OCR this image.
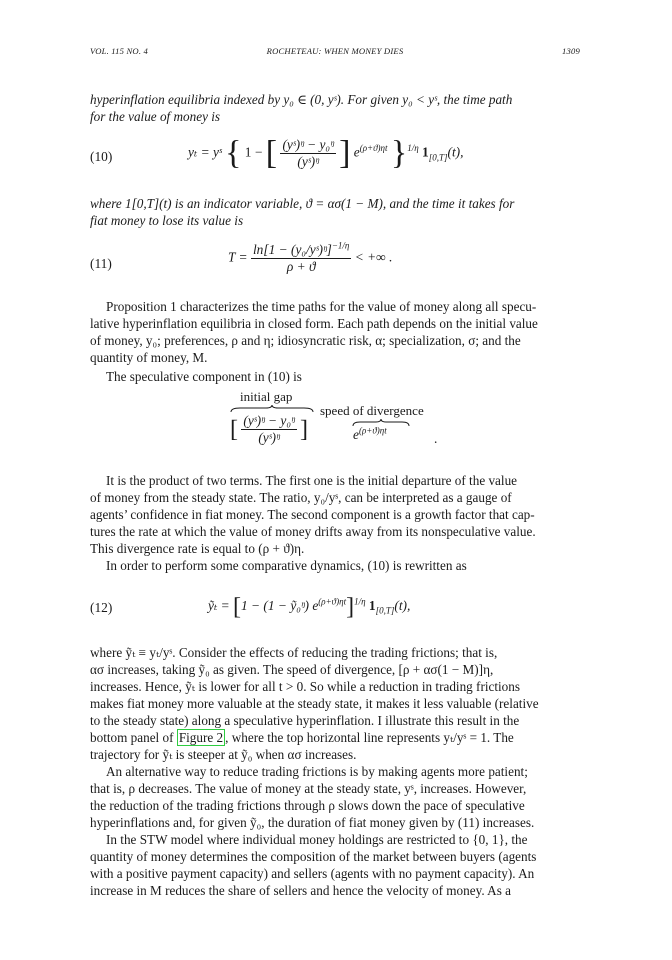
VOL. 115 NO. 4	ROCHETEAU: WHEN MONEY DIES	1309
hyperinflation equilibria indexed by y₀ ∈ (0, yˢ). For given y₀ < yˢ, the time path
for the value of money is
(10)	yₜ = yˢ { 1 − [ $\frac{\text{(yˢ)ᵑ − y₀ᵑ}}{\text{(yˢ)ᵑ}}$ ] $e^{(\rho+ϑ)\eta t}$ }$^{1/\eta}$ $1_{[0,T]}(t)$,
where 1[0,T](t) is an indicator variable, ϑ = ασ(1 − M), and the time it takes for
fiat money to lose its value is
(11)	$T = \frac{\ln[1 - (y_0/yˢ)ᵑ]^{-1/\eta}}{\rho + ϑ}$ < +∞ .
Proposition 1 characterizes the time paths for the value of money along all specu-
lative hyperinflation equilibria in closed form. Each path depends on the initial value
of money, y₀; preferences, ρ and η; idiosyncratic risk, α; specialization, σ; and the
quantity of money, M.
The speculative component in (10) is
initial gap
[ $\frac{\text{(yˢ)ᵑ − y₀ᵑ}}{\text{(yˢ)ᵑ}}$ ]
speed of divergence
$e^{(\rho+ϑ)\eta t}$
.
It is the product of two terms. The first one is the initial departure of the value
of money from the steady state. The ratio, y₀/yˢ, can be interpreted as a gauge of
agents’ confidence in fiat money. The second component is a growth factor that cap-
tures the rate at which the value of money drifts away from its nonspeculative value.
This divergence rate is equal to (ρ + ϑ)η.
In order to perform some comparative dynamics, (10) is rewritten as
(12)	ỹₜ = [1 − (1 − ỹ₀ᵑ) $e^{(\rho+ϑ)\eta t}]^{1/\eta}$ $1_{[0,T]}(t)$,
where ỹₜ ≡ yₜ/yˢ. Consider the effects of reducing the trading frictions; that is,
ασ increases, taking ỹ₀ as given. The speed of divergence, [ρ + ασ(1 − M)]η,
increases. Hence, ỹₜ is lower for all t > 0. So while a reduction in trading frictions
makes fiat money more valuable at the steady state, it makes it less valuable (relative
to the steady state) along a speculative hyperinflation. I illustrate this result in the
bottom panel of Figure 2 , where the top horizontal line represents yₜ/yˢ = 1. The
trajectory for ỹₜ is steeper at ỹ₀ when ασ increases.
An alternative way to reduce trading frictions is by making agents more patient;
that is, ρ decreases. The value of money at the steady state, yˢ, increases. However,
the reduction of the trading frictions through ρ slows down the pace of speculative
hyperinflations and, for given ỹ₀, the duration of fiat money given by (11) increases.
In the STW model where individual money holdings are restricted to {0, 1}, the
quantity of money determines the composition of the market between buyers (agents
with a positive payment capacity) and sellers (agents with no payment capacity). An
increase in M reduces the share of sellers and hence the velocity of money. As a
